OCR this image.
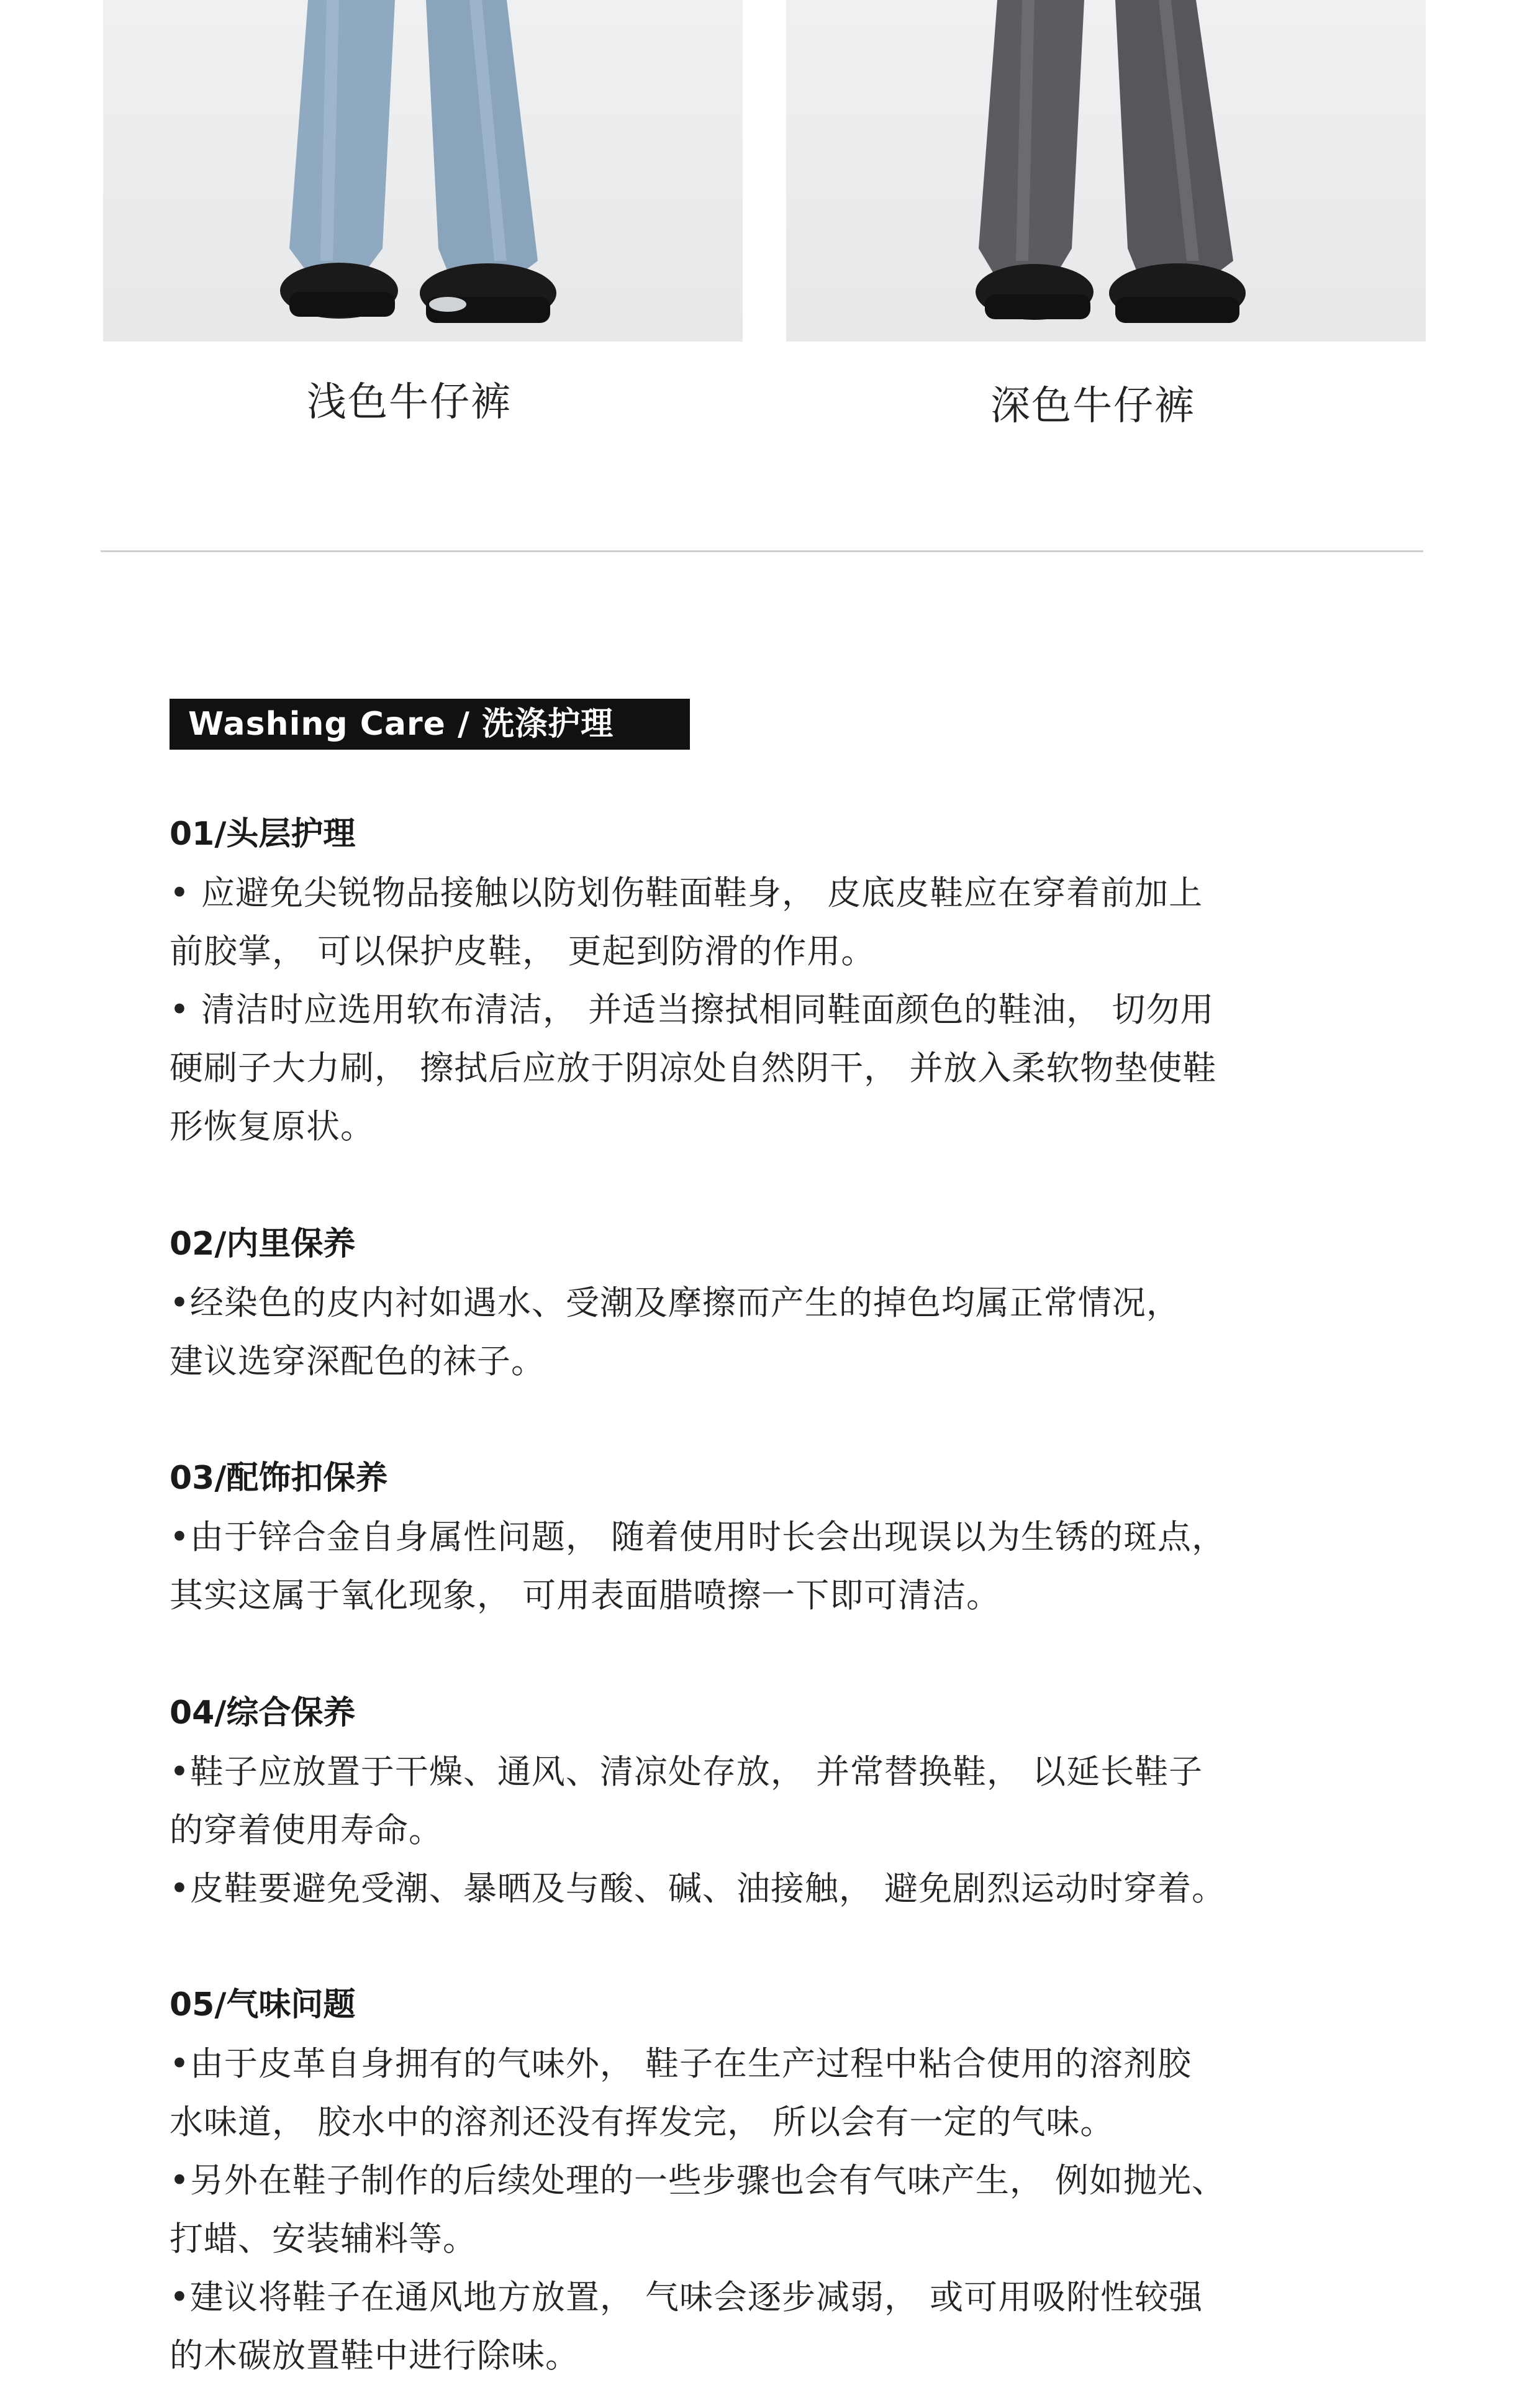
浅色牛仔裤	深色牛仔裤
Washing Care / 洗涤护理
01/头层护理
• 应避免尖锐物品接触以防划伤鞋面鞋身， 皮底皮鞋应在穿着前加上
前胶掌， 可以保护皮鞋， 更起到防滑的作用。
• 清洁时应选用软布清洁， 并适当擦拭相同鞋面颜色的鞋油， 切勿用
硬刷子大力刷， 擦拭后应放于阴凉处自然阴干， 并放入柔软物垫使鞋
形恢复原状。
02/内里保养
•经染色的皮内衬如遇水、受潮及摩擦而产生的掉色均属正常情况，
建议选穿深配色的袜子。
03/配饰扣保养
•由于锌合金自身属性问题， 随着使用时长会出现误以为生锈的斑点，
其实这属于氧化现象， 可用表面腊喷擦一下即可清洁。
04/综合保养
•鞋子应放置于干燥、通风、清凉处存放， 并常替换鞋， 以延长鞋子
的穿着使用寿命。
•皮鞋要避免受潮、暴晒及与酸、碱、油接触， 避免剧烈运动时穿着。
05/气味问题
•由于皮革自身拥有的气味外， 鞋子在生产过程中粘合使用的溶剂胶
水味道， 胶水中的溶剂还没有挥发完， 所以会有一定的气味。
•另外在鞋子制作的后续处理的一些步骤也会有气味产生， 例如抛光、
打蜡、安装辅料等。
•建议将鞋子在通风地方放置， 气味会逐步减弱， 或可用吸附性较强
的木碳放置鞋中进行除味。
